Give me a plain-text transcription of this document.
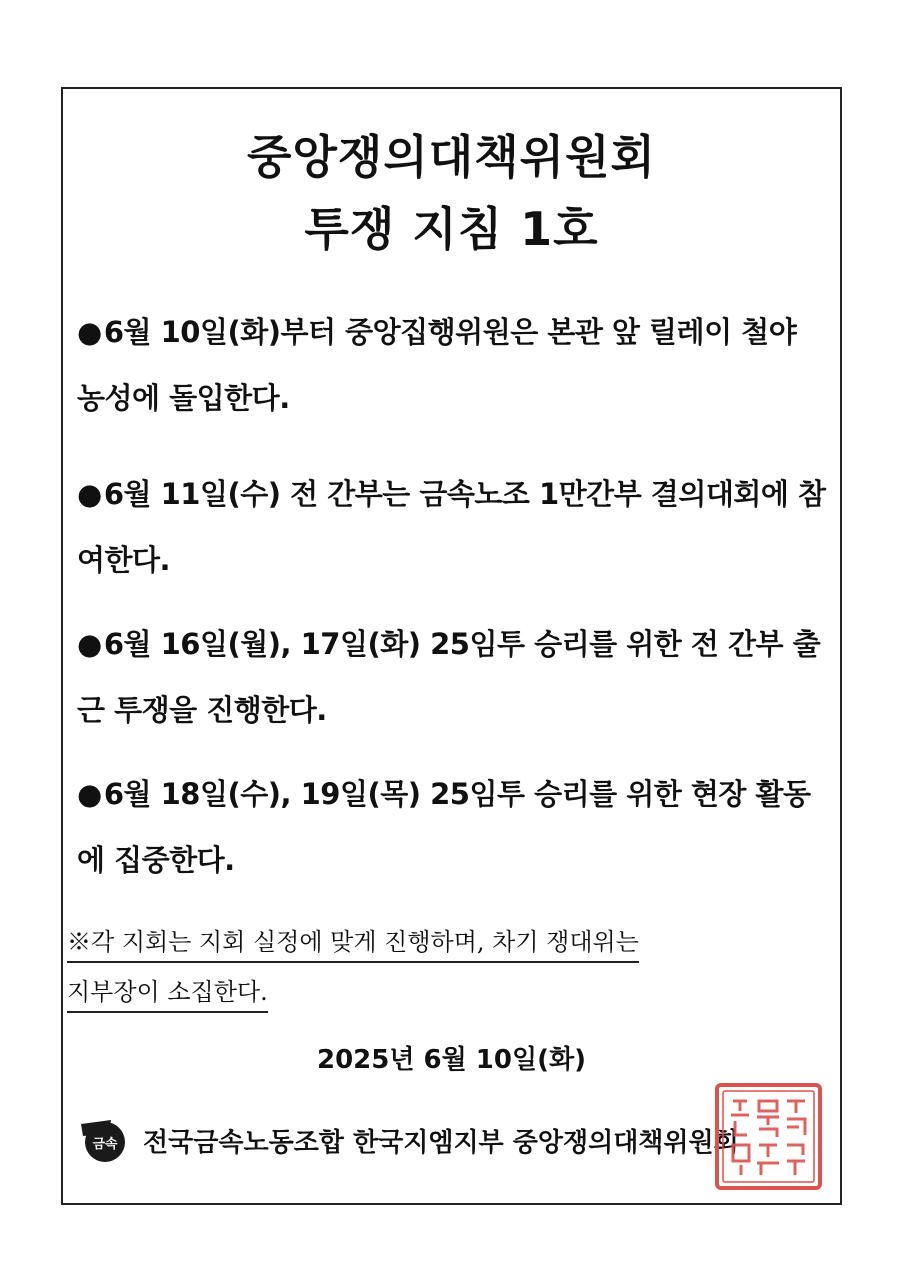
중앙쟁의대책위원회
투쟁 지침 1호
●6월 10일(화)부터 중앙집행위원은 본관 앞 릴레이 철야 농성에 돌입한다.
●6월 11일(수) 전 간부는 금속노조 1만간부 결의대회에 참여한다.
●6월 16일(월), 17일(화) 25임투 승리를 위한 전 간부 출근 투쟁을 진행한다.
●6월 18일(수), 19일(목) 25임투 승리를 위한 현장 활동에 집중한다.
※각 지회는 지회 실정에 맞게 진행하며, 차기 쟁대위는
지부장이 소집한다.
2025년 6월 10일(화)
금속 전국금속노동조합 한국지엠지부 중앙쟁의대책위원회
